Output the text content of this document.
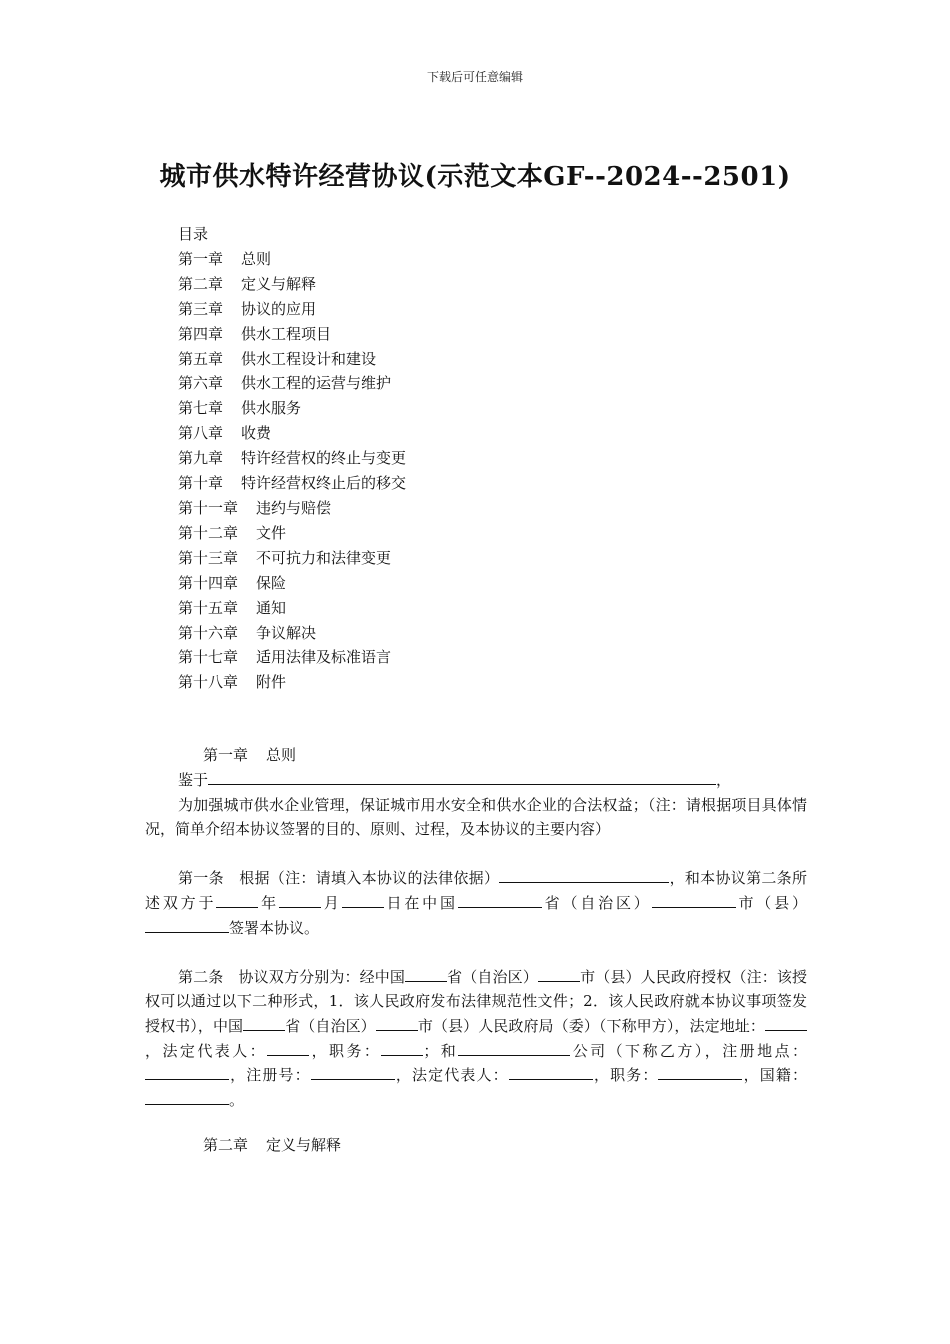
下载后可任意编辑
城市供水特许经营协议(示范文本GF--2024--2501)
目录
第一章 总则
第二章 定义与解释
第三章 协议的应用
第四章 供水工程项目
第五章 供水工程设计和建设
第六章 供水工程的运营与维护
第七章 供水服务
第八章 收费
第九章 特许经营权的终止与变更
第十章 特许经营权终止后的移交
第十一章 违约与赔偿
第十二章 文件
第十三章 不可抗力和法律变更
第十四章 保险
第十五章 通知
第十六章 争议解决
第十七章 适用法律及标准语言
第十八章 附件
第一章 总则

鉴于	，

为加强城市供水企业管理，保证城市用水安全和供水企业的合法权益；（注：请根据项目具体情况，简单介绍本协议签署的目的、原则、过程，及本协议的主要内容）

第一条　根据（注：请填入本协议的法律依据）	，和本协议第二条所述双方于	年	月	日在中国	省（自治区）	市（县）签署本协议。

第二条　协议双方分别为：经中国	省（自治区）	市（县）人民政府授权（注：该授权可以通过以下二种形式，1．该人民政府发布法律规范性文件；2．该人民政府就本协议事项签发授权书），中国	省（自治区）	市（县）人民政府局（委）（下称甲方），法定地址：，法定代表人：	，职务：	；和	公司（下称乙方），注册地点：，注册号：	，法定代表人：	，职务：	，国籍：。

第二章 定义与解释
